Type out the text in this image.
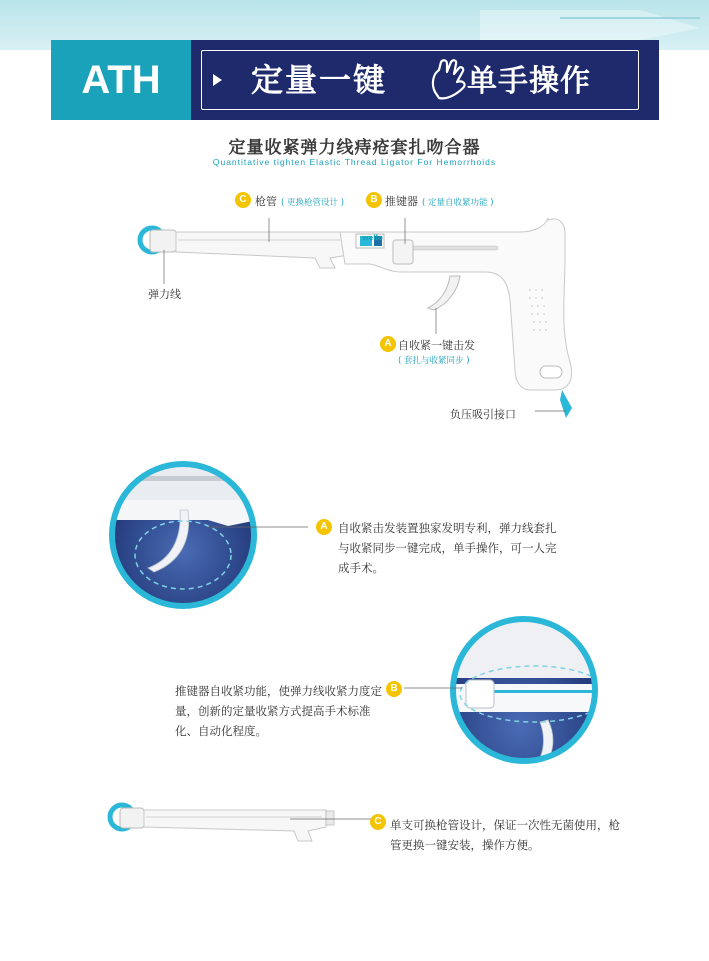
ATH	定量一键	单手操作
定量收紧弹力线痔疮套扎吻合器
Quantitative tighten Elastic Thread Ligator For Hemorrhoids
C 枪管 ( 更换枪管设计 )	B 推键器 ( 定量自收紧功能 )
wello
弹力线
A 自收紧一键击发
( 套扎与收紧同步 )
负压吸引接口
A 自收紧击发装置独家发明专利，弹力线套扎与收紧同步一键完成，单手操作，可一人完成手术。
推键器自收紧功能，使弹力线收紧力度定量，创新的定量收紧方式提高手术标准化、自动化程度。
B
C 单支可换枪管设计，保证一次性无菌使用，枪管更换一键安装，操作方便。
